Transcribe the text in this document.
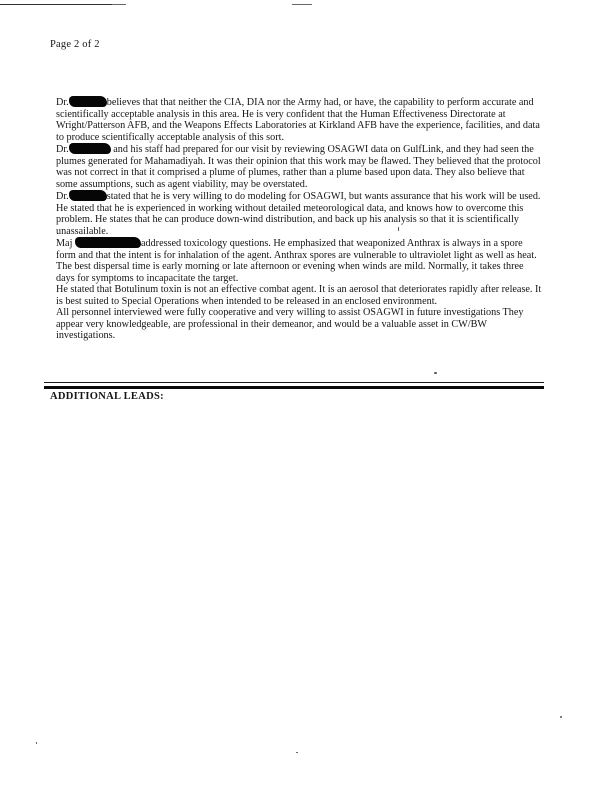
Page 2 of 2

Dr.	believes that that neither the CIA, DIA nor the Army had, or have, the capability to perform accurate and scientifically acceptable analysis in this area. He is very confident that the Human Effectiveness Directorate at Wright/Patterson AFB, and the Weapons Effects Laboratories at Kirkland AFB have the experience, facilities, and data to produce scientifically acceptable analysis of this sort.

Dr.	and his staff had prepared for our visit by reviewing OSAGWI data on GulfLink, and they had seen the plumes generated for Mahamadiyah. It was their opinion that this work may be flawed. They believed that the protocol was not correct in that it comprised a plume of plumes, rather than a plume based upon data. They also believe that some assumptions, such as agent viability, may be overstated.

Dr.	stated that he is very willing to do modeling for OSAGWI, but wants assurance that his work will be used. He stated that he is experienced in working without detailed meteorological data, and knows how to overcome this problem. He states that he can produce down-wind distribution, and back up his analysis so that it is scientifically unassailable.

Maj	addressed toxicology questions. He emphasized that weaponized Anthrax is always in a spore form and that the intent is for inhalation of the agent. Anthrax spores are vulnerable to ultraviolet light as well as heat. The best dispersal time is early morning or late afternoon or evening when winds are mild. Normally, it takes three days for symptoms to incapacitate the target.

He stated that Botulinum toxin is not an effective combat agent. It is an aerosol that deteriorates rapidly after release. It is best suited to Special Operations when intended to be released in an enclosed environment.

All personnel interviewed were fully cooperative and very willing to assist OSAGWI in future investigations They appear very knowledgeable, are professional in their demeanor, and would be a valuable asset in CW/BW investigations.

ADDITIONAL LEADS:
